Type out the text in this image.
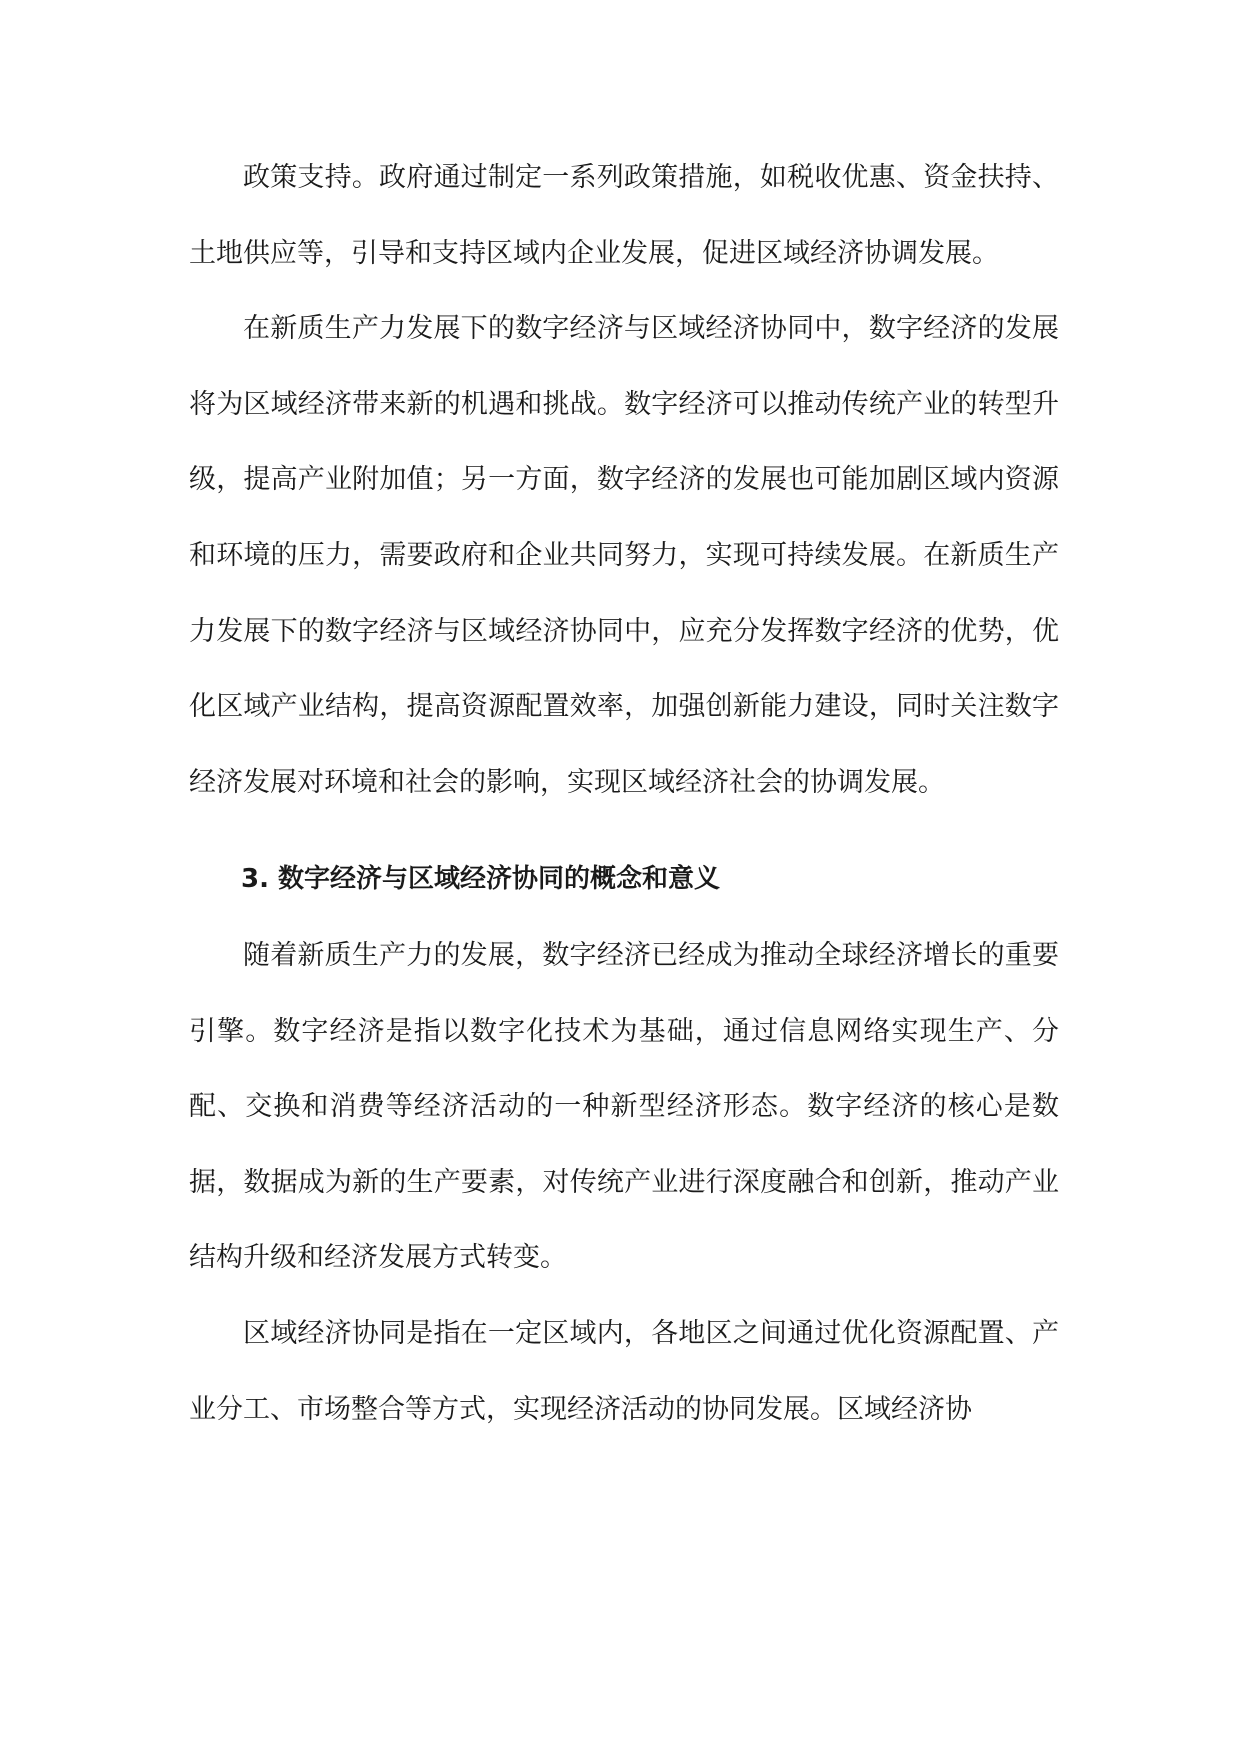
政策支持。政府通过制定一系列政策措施，如税收优惠、资金扶持、土地供应等，引导和支持区域内企业发展，促进区域经济协调发展。

在新质生产力发展下的数字经济与区域经济协同中，数字经济的发展将为区域经济带来新的机遇和挑战。数字经济可以推动传统产业的转型升级，提高产业附加值；另一方面，数字经济的发展也可能加剧区域内资源和环境的压力，需要政府和企业共同努力，实现可持续发展。在新质生产力发展下的数字经济与区域经济协同中，应充分发挥数字经济的优势，优化区域产业结构，提高资源配置效率，加强创新能力建设，同时关注数字经济发展对环境和社会的影响，实现区域经济社会的协调发展。

3. 数字经济与区域经济协同的概念和意义

随着新质生产力的发展，数字经济已经成为推动全球经济增长的重要引擎。数字经济是指以数字化技术为基础，通过信息网络实现生产、分配、交换和消费等经济活动的一种新型经济形态。数字经济的核心是数据，数据成为新的生产要素，对传统产业进行深度融合和创新，推动产业结构升级和经济发展方式转变。

区域经济协同是指在一定区域内，各地区之间通过优化资源配置、产业分工、市场整合等方式，实现经济活动的协同发展。区域经济协
